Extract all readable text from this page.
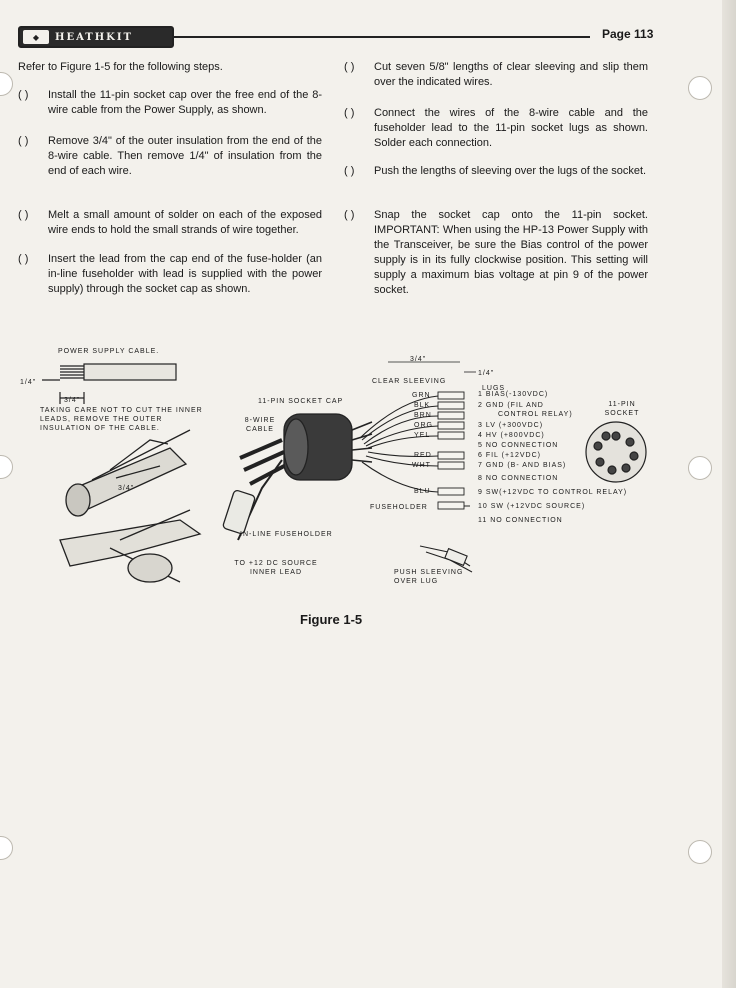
◆	HEATHKIT	Page 113
Refer to Figure 1-5 for the following steps.
( )	Install the 11-pin socket cap over the free end of the 8-wire cable from the Power Supply, as shown.
( )	Remove 3/4" of the outer insulation from the end of the 8-wire cable. Then remove 1/4" of insulation from the end of each wire.
( )	Melt a small amount of solder on each of the exposed wire ends to hold the small strands of wire together.
( )	Insert the lead from the cap end of the fuse-holder (an in-line fuseholder with lead is supplied with the power supply) through the socket cap as shown.
( )	Cut seven 5/8" lengths of clear sleeving and slip them over the indicated wires.
( )	Connect the wires of the 8-wire cable and the fuseholder lead to the 11-pin socket lugs as shown. Solder each connection.
( )	Push the lengths of sleeving over the lugs of the socket.
( )	Snap the socket cap onto the 11-pin socket. IMPORTANT: When using the HP-13 Power Supply with the Transceiver, be sure the Bias control of the power supply is in its fully clockwise position. This setting will supply a maximum bias voltage at pin 9 of the power socket.
POWER SUPPLY CABLE.
1/4"
3/4"
TAKING CARE NOT TO CUT THE INNER LEADS, REMOVE THE OUTER INSULATION OF THE CABLE.
3/4"
11-PIN SOCKET CAP
8-WIRE CABLE
IN-LINE FUSEHOLDER
TO +12 DC SOURCE INNER LEAD
3/4"
CLEAR SLEEVING
1/4"
LUGS
11-PIN SOCKET
FUSEHOLDER
PUSH SLEEVING OVER LUG
GRN
BLK
BRN
ORG
YEL
RED
WHT
BLU
1 BIAS(-130VDC)
2 GND (FIL AND
CONTROL RELAY)
3 LV (+300VDC)
4 HV (+800VDC)
5 NO CONNECTION
6 FIL (+12VDC)
7 GND (B- AND BIAS)
8 NO CONNECTION
9 SW(+12VDC TO CONTROL RELAY)
10 SW (+12VDC SOURCE)
11 NO CONNECTION
Figure 1-5
